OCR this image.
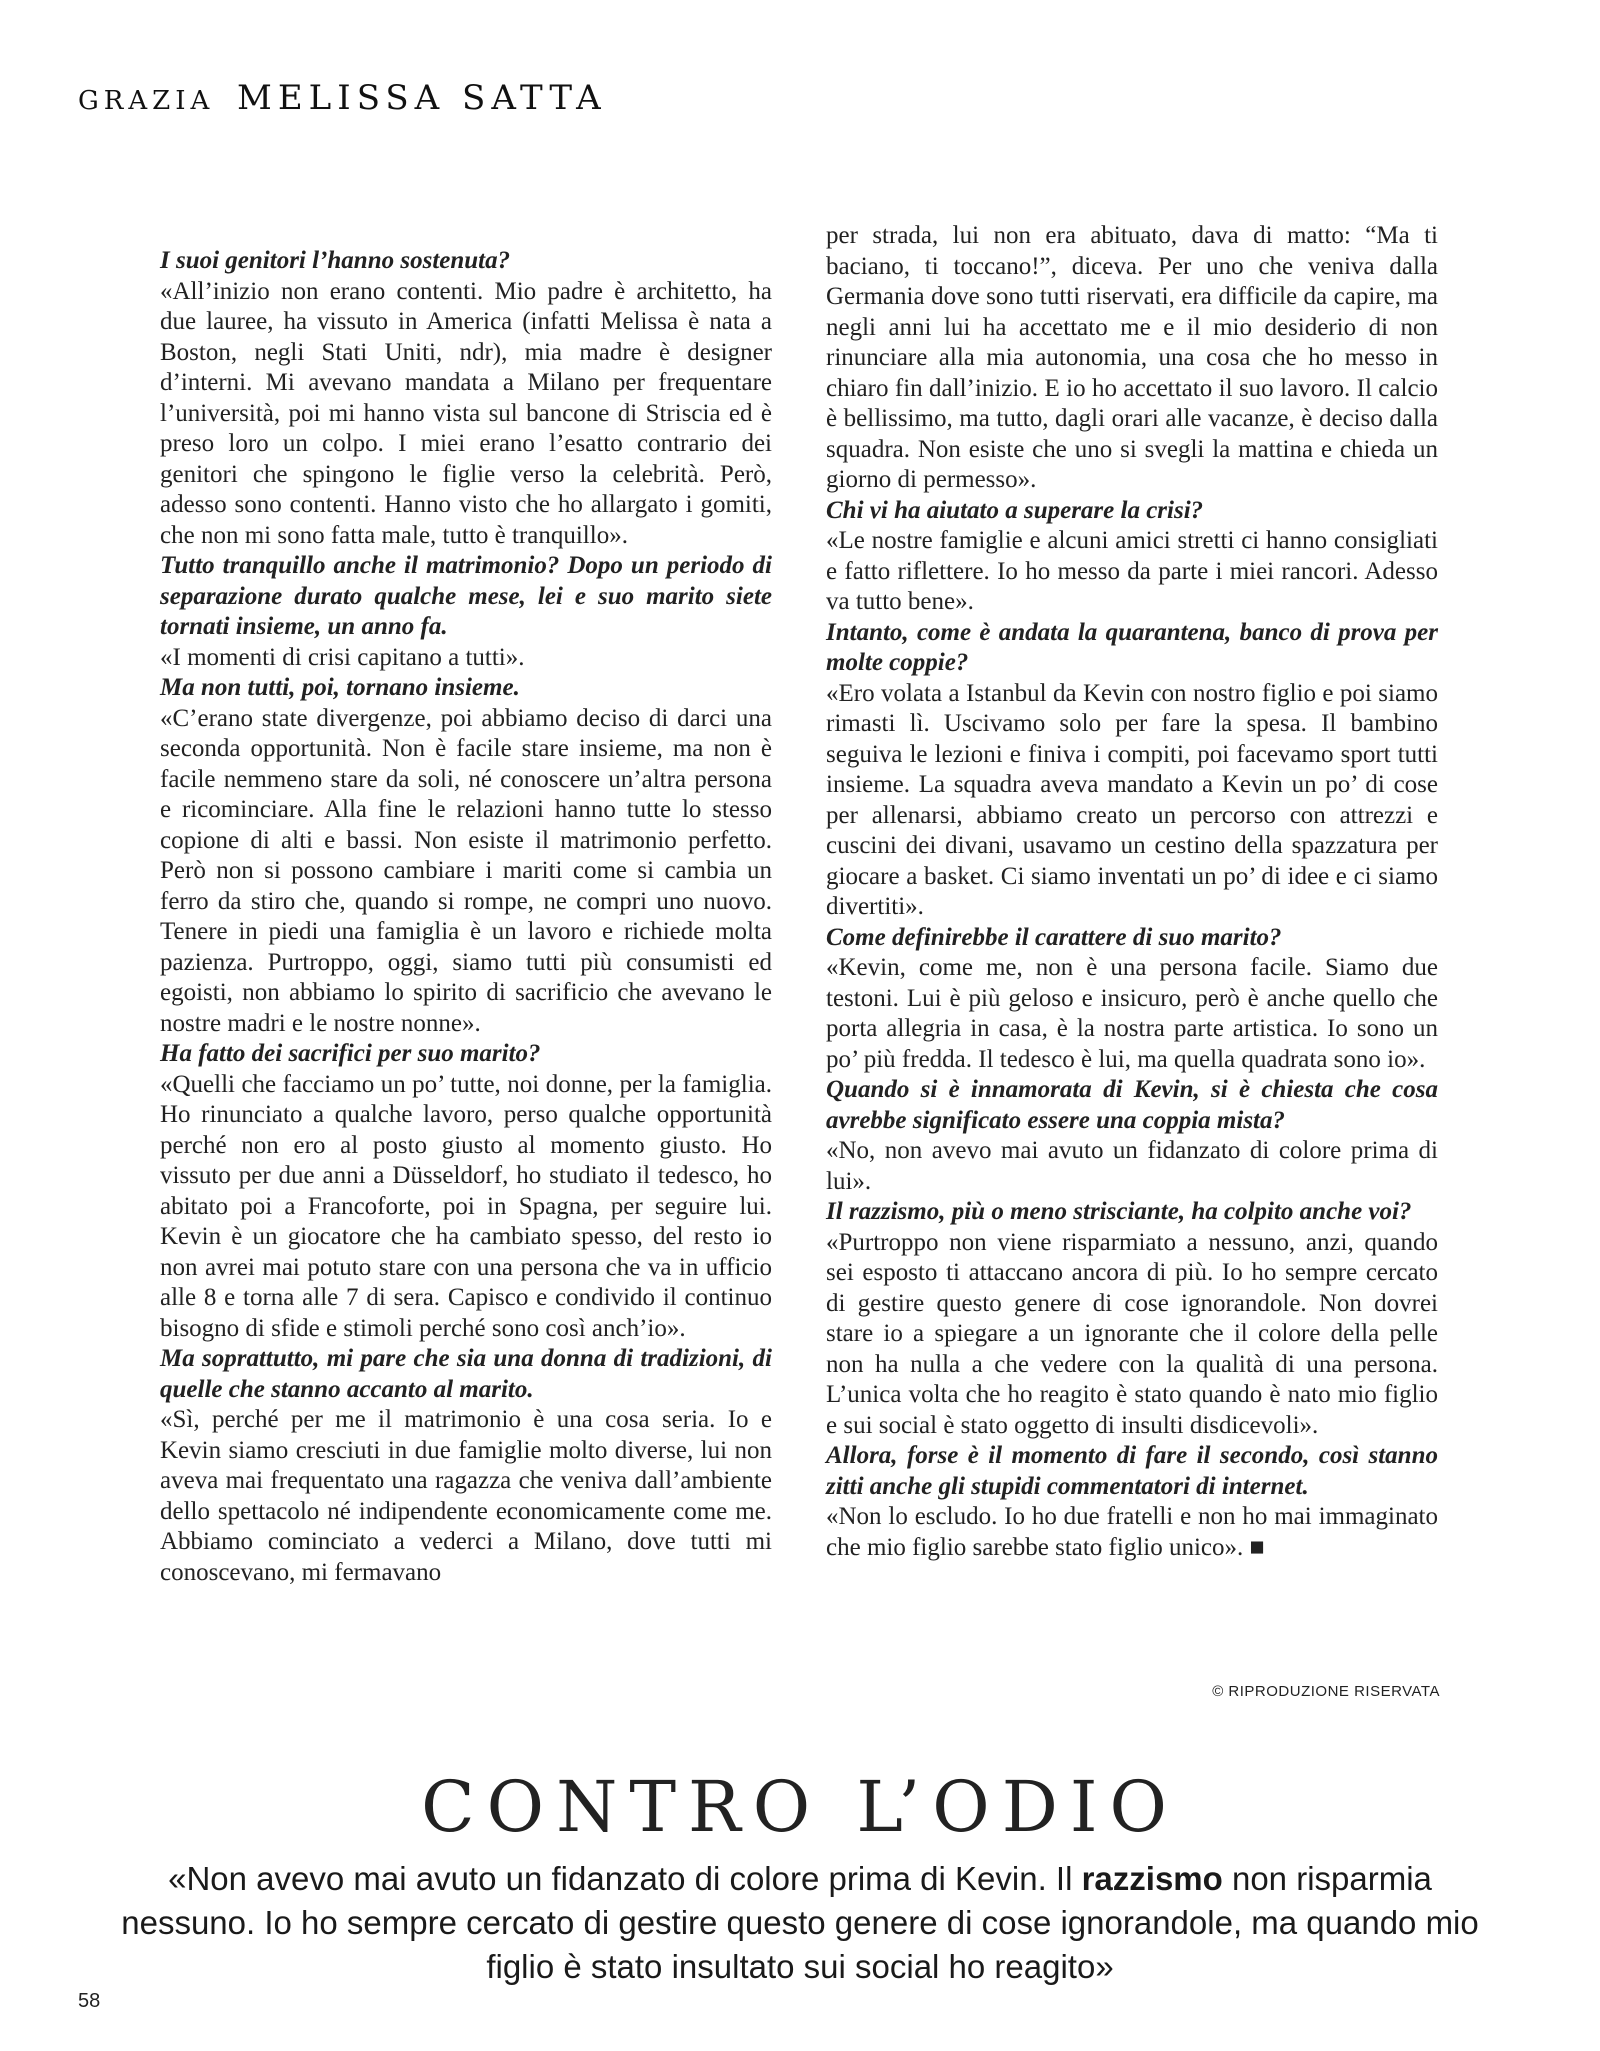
GRAZIA MELISSA SATTA

I suoi genitori l’hanno sostenuta?

«All’inizio non erano contenti. Mio padre è architetto, ha due lauree, ha vissuto in America (infatti Melissa è nata a Boston, negli Stati Uniti, ndr), mia madre è designer d’interni. Mi avevano mandata a Milano per frequentare l’università, poi mi hanno vista sul bancone di Striscia ed è preso loro un colpo. I miei erano l’esatto contrario dei genitori che spingono le figlie verso la celebrità. Però, adesso sono contenti. Hanno visto che ho allargato i gomiti, che non mi sono fatta male, tutto è tranquillo».

Tutto tranquillo anche il matrimonio? Dopo un periodo di separazione durato qualche mese, lei e suo marito siete tornati insieme, un anno fa.

«I momenti di crisi capitano a tutti».

Ma non tutti, poi, tornano insieme.

«C’erano state divergenze, poi abbiamo deciso di darci una seconda opportunità. Non è facile stare insieme, ma non è facile nemmeno stare da soli, né conoscere un’altra persona e ricominciare. Alla fine le relazioni hanno tutte lo stesso copione di alti e bassi. Non esiste il matrimonio perfetto. Però non si possono cambiare i mariti come si cambia un ferro da stiro che, quando si rompe, ne compri uno nuovo. Tenere in piedi una famiglia è un lavoro e richiede molta pazienza. Purtroppo, oggi, siamo tutti più consumisti ed egoisti, non abbiamo lo spirito di sacrificio che avevano le nostre madri e le nostre nonne».

Ha fatto dei sacrifici per suo marito?

«Quelli che facciamo un po’ tutte, noi donne, per la famiglia. Ho rinunciato a qualche lavoro, perso qualche opportunità perché non ero al posto giusto al momento giusto. Ho vissuto per due anni a Düsseldorf, ho studiato il tedesco, ho abitato poi a Francoforte, poi in Spagna, per seguire lui. Kevin è un giocatore che ha cambiato spesso, del resto io non avrei mai potuto stare con una persona che va in ufficio alle 8 e torna alle 7 di sera. Capisco e condivido il continuo bisogno di sfide e stimoli perché sono così anch’io».

Ma soprattutto, mi pare che sia una donna di tradizioni, di quelle che stanno accanto al marito.

«Sì, perché per me il matrimonio è una cosa seria. Io e Kevin siamo cresciuti in due famiglie molto diverse, lui non aveva mai frequentato una ragazza che veniva dall’ambiente dello spettacolo né indipendente economicamente come me. Abbiamo cominciato a vederci a Milano, dove tutti mi conoscevano, mi fermavano

per strada, lui non era abituato, dava di matto: “Ma ti baciano, ti toccano!”, diceva. Per uno che veniva dalla Germania dove sono tutti riservati, era difficile da capire, ma negli anni lui ha accettato me e il mio desiderio di non rinunciare alla mia autonomia, una cosa che ho messo in chiaro fin dall’inizio. E io ho accettato il suo lavoro. Il calcio è bellissimo, ma tutto, dagli orari alle vacanze, è deciso dalla squadra. Non esiste che uno si svegli la mattina e chieda un giorno di permesso».

Chi vi ha aiutato a superare la crisi?

«Le nostre famiglie e alcuni amici stretti ci hanno consigliati e fatto riflettere. Io ho messo da parte i miei rancori. Adesso va tutto bene».

Intanto, come è andata la quarantena, banco di prova per molte coppie?

«Ero volata a Istanbul da Kevin con nostro figlio e poi siamo rimasti lì. Uscivamo solo per fare la spesa. Il bambino seguiva le lezioni e finiva i compiti, poi facevamo sport tutti insieme. La squadra aveva mandato a Kevin un po’ di cose per allenarsi, abbiamo creato un percorso con attrezzi e cuscini dei divani, usavamo un cestino della spazzatura per giocare a basket. Ci siamo inventati un po’ di idee e ci siamo divertiti».

Come definirebbe il carattere di suo marito?

«Kevin, come me, non è una persona facile. Siamo due testoni. Lui è più geloso e insicuro, però è anche quello che porta allegria in casa, è la nostra parte artistica. Io sono un po’ più fredda. Il tedesco è lui, ma quella quadrata sono io».

Quando si è innamorata di Kevin, si è chiesta che cosa avrebbe significato essere una coppia mista?

«No, non avevo mai avuto un fidanzato di colore prima di lui».

Il razzismo, più o meno strisciante, ha colpito anche voi?

«Purtroppo non viene risparmiato a nessuno, anzi, quando sei esposto ti attaccano ancora di più. Io ho sempre cercato di gestire questo genere di cose ignorandole. Non dovrei stare io a spiegare a un ignorante che il colore della pelle non ha nulla a che vedere con la qualità di una persona. L’unica volta che ho reagito è stato quando è nato mio figlio e sui social è stato oggetto di insulti disdicevoli».

Allora, forse è il momento di fare il secondo, così stanno zitti anche gli stupidi commentatori di internet.

«Non lo escludo. Io ho due fratelli e non ho mai immaginato che mio figlio sarebbe stato figlio unico». ■

© RIPRODUZIONE RISERVATA
CONTRO L’ODIO
«Non avevo mai avuto un fidanzato di colore prima di Kevin. Il razzismo non risparmia nessuno. Io ho sempre cercato di gestire questo genere di cose ignorandole, ma quando mio figlio è stato insultato sui social ho reagito»
58
